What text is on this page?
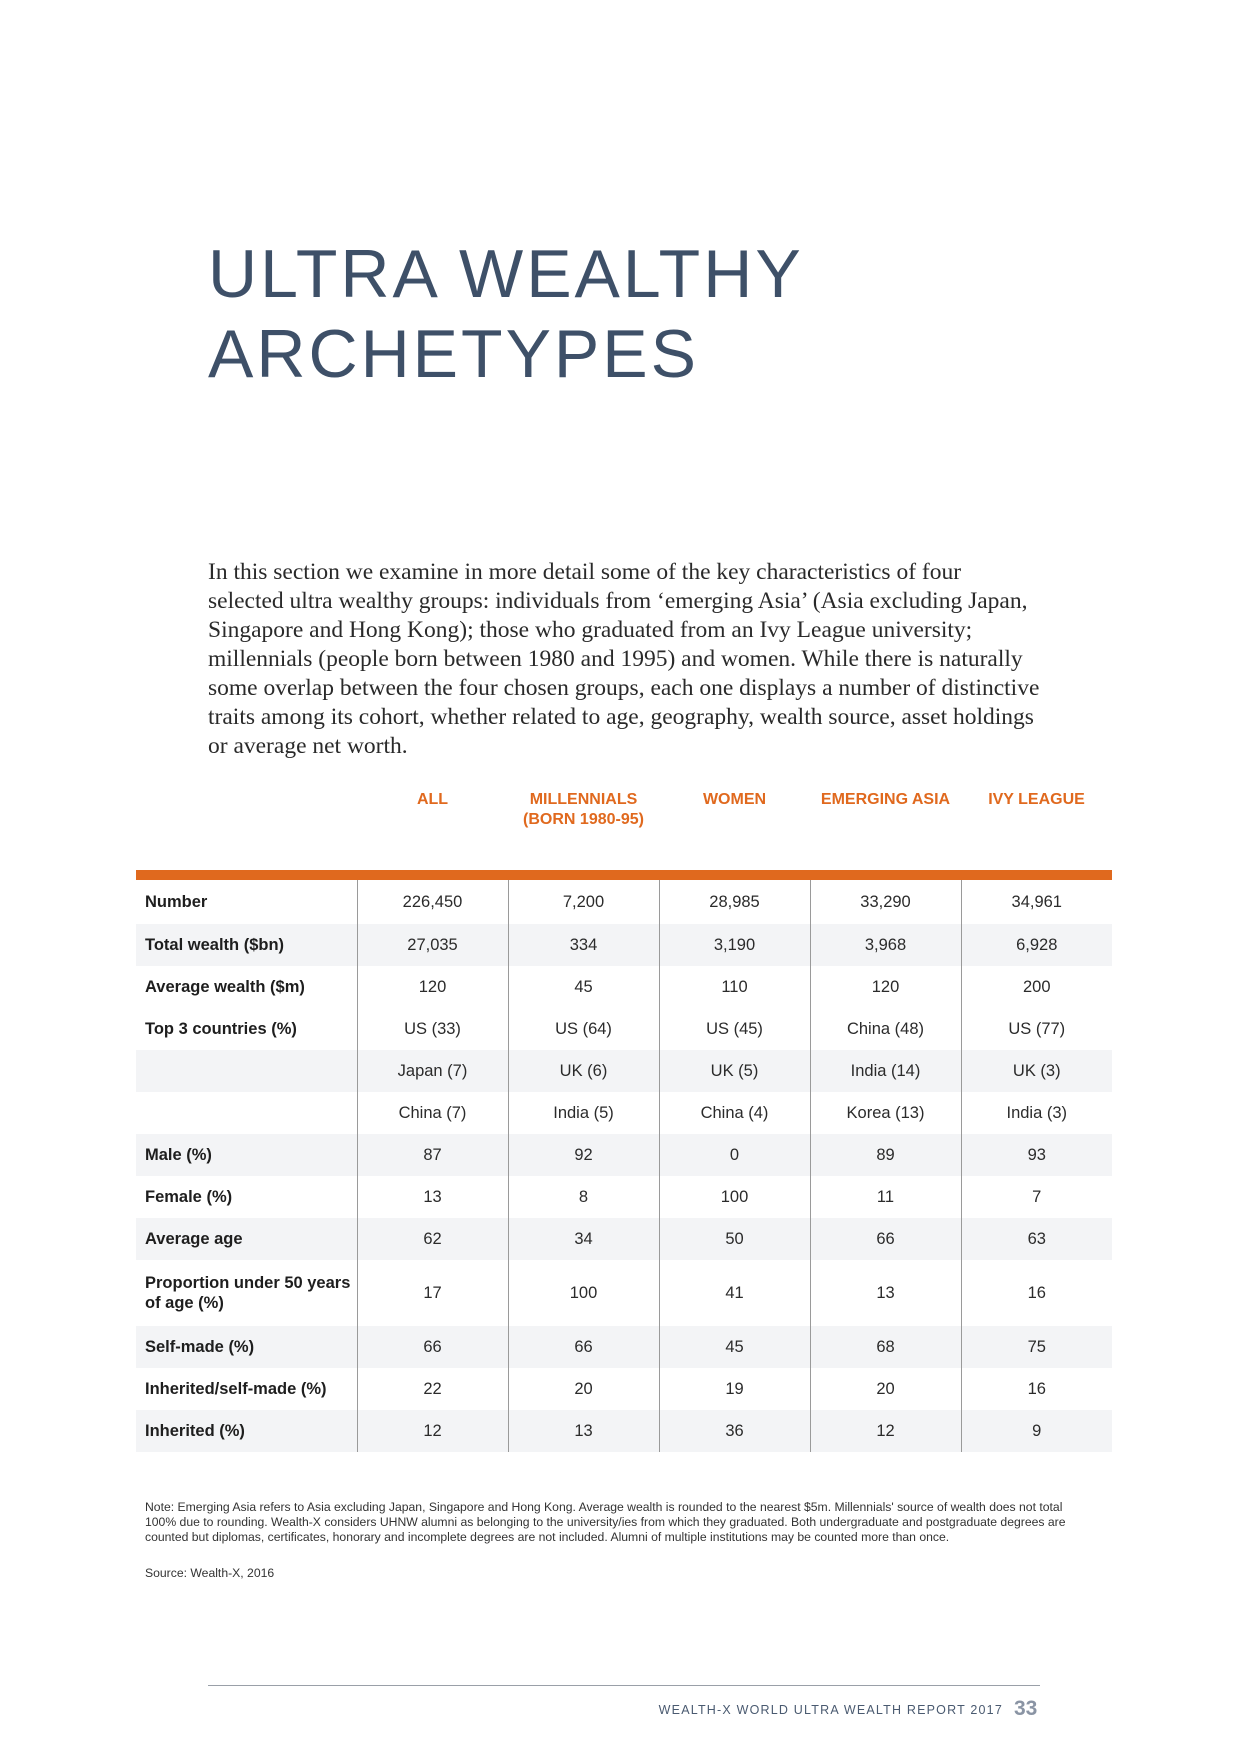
ULTRA WEALTHY
ARCHETYPES

In this section we examine in more detail some of the key characteristics of four selected ultra wealthy groups: individuals from ‘emerging Asia’ (Asia excluding Japan, Singapore and Hong Kong); those who graduated from an Ivy League university; millennials (people born between 1980 and 1995) and women. While there is naturally some overlap between the four chosen groups, each one displays a number of distinctive traits among its cohort, whether related to age, geography, wealth source, asset holdings or average net worth.

	ALL	MILLENNIALS (BORN 1980-95)	WOMEN	EMERGING ASIA	IVY LEAGUE
Number	226,450	7,200	28,985	33,290	34,961
Total wealth ($bn)	27,035	334	3,190	3,968	6,928
Average wealth ($m)	120	45	110	120	200
Top 3 countries (%)	US (33)	US (64)	US (45)	China (48)	US (77)
	Japan (7)	UK (6)	UK (5)	India (14)	UK (3)
	China (7)	India (5)	China (4)	Korea (13)	India (3)
Male (%)	87	92	0	89	93
Female (%)	13	8	100	11	7
Average age	62	34	50	66	63
Proportion under 50 years of age (%)	17	100	41	13	16
Self-made (%)	66	66	45	68	75
Inherited/self-made (%)	22	20	19	20	16
Inherited (%)	12	13	36	12	9

Note: Emerging Asia refers to Asia excluding Japan, Singapore and Hong Kong. Average wealth is rounded to the nearest $5m. Millennials' source of wealth does not total 100% due to rounding. Wealth-X considers UHNW alumni as belonging to the university/ies from which they graduated. Both undergraduate and postgraduate degrees are counted but diplomas, certificates, honorary and incomplete degrees are not included. Alumni of multiple institutions may be counted more than once.

Source: Wealth-X, 2016

WEALTH-X WORLD ULTRA WEALTH REPORT 2017 33
